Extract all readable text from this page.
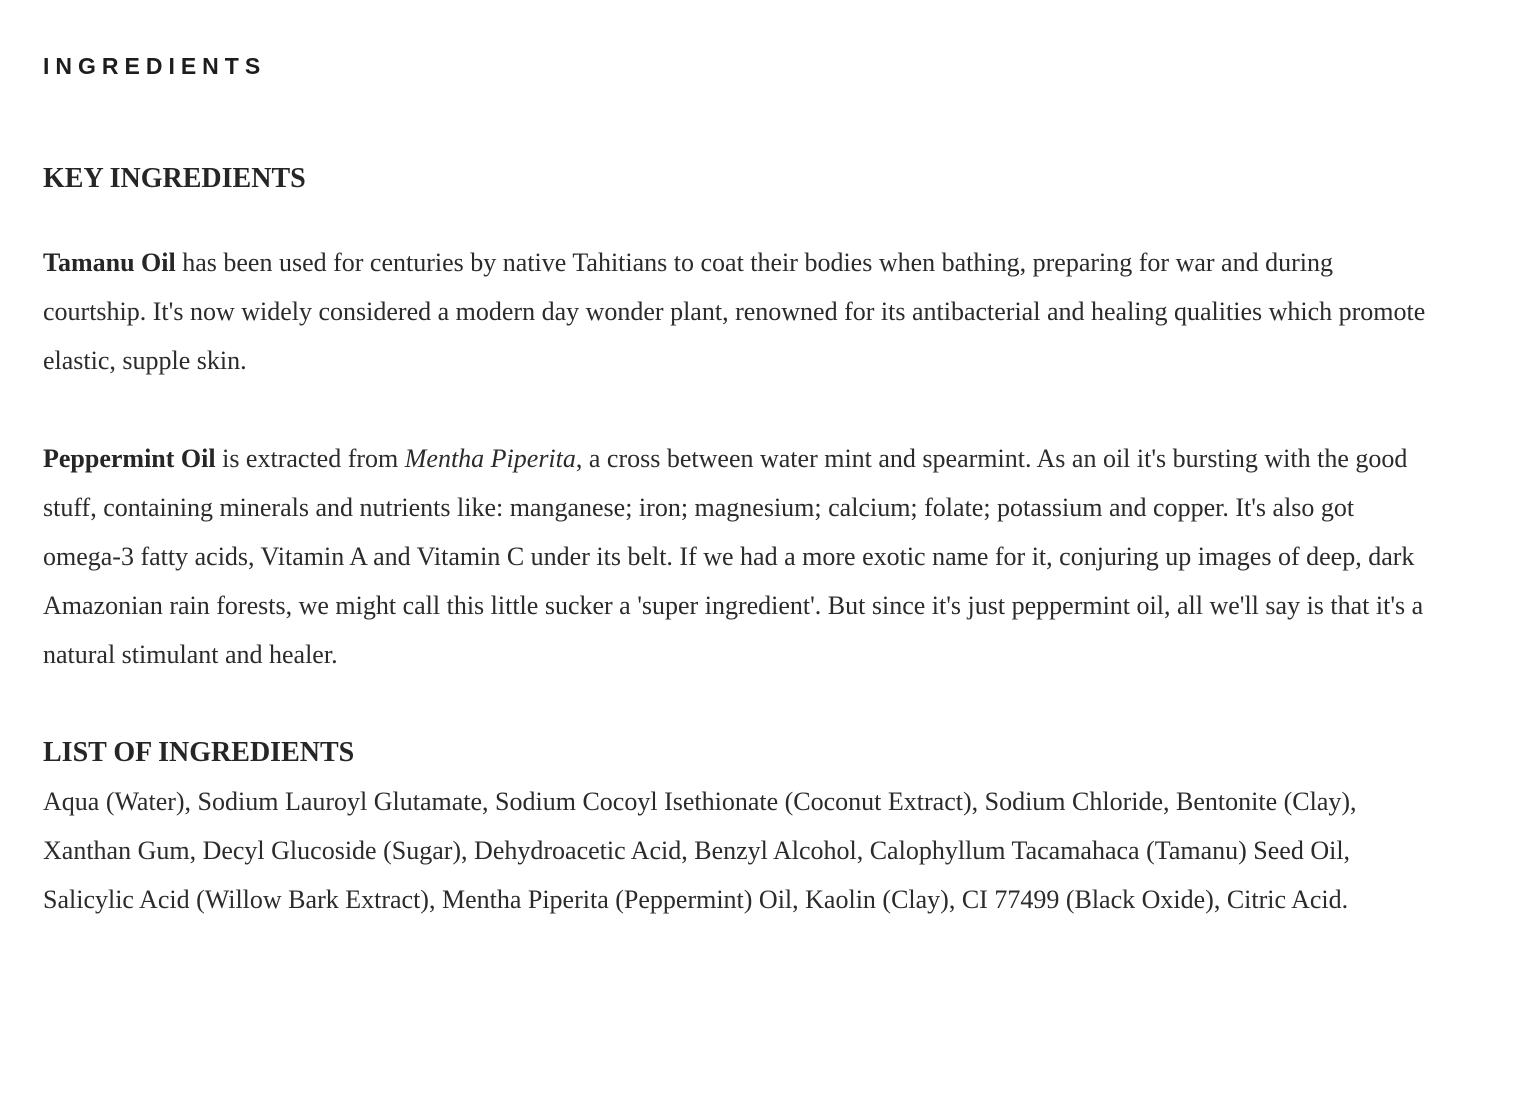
INGREDIENTS
KEY INGREDIENTS

Tamanu Oil has been used for centuries by native Tahitians to coat their bodies when bathing, preparing for war and during courtship. It's now widely considered a modern day wonder plant, renowned for its antibacterial and healing qualities which promote elastic, supple skin.

Peppermint Oil is extracted from Mentha Piperita, a cross between water mint and spearmint. As an oil it's bursting with the good stuff, containing minerals and nutrients like: manganese; iron; magnesium; calcium; folate; potassium and copper. It's also got omega-3 fatty acids, Vitamin A and Vitamin C under its belt. If we had a more exotic name for it, conjuring up images of deep, dark Amazonian rain forests, we might call this little sucker a 'super ingredient'. But since it's just peppermint oil, all we'll say is that it's a natural stimulant and healer.

LIST OF INGREDIENTS

Aqua (Water), Sodium Lauroyl Glutamate, Sodium Cocoyl Isethionate (Coconut Extract), Sodium Chloride, Bentonite (Clay), Xanthan Gum, Decyl Glucoside (Sugar), Dehydroacetic Acid, Benzyl Alcohol, Calophyllum Tacamahaca (Tamanu) Seed Oil, Salicylic Acid (Willow Bark Extract), Mentha Piperita (Peppermint) Oil, Kaolin (Clay), CI 77499 (Black Oxide), Citric Acid.
